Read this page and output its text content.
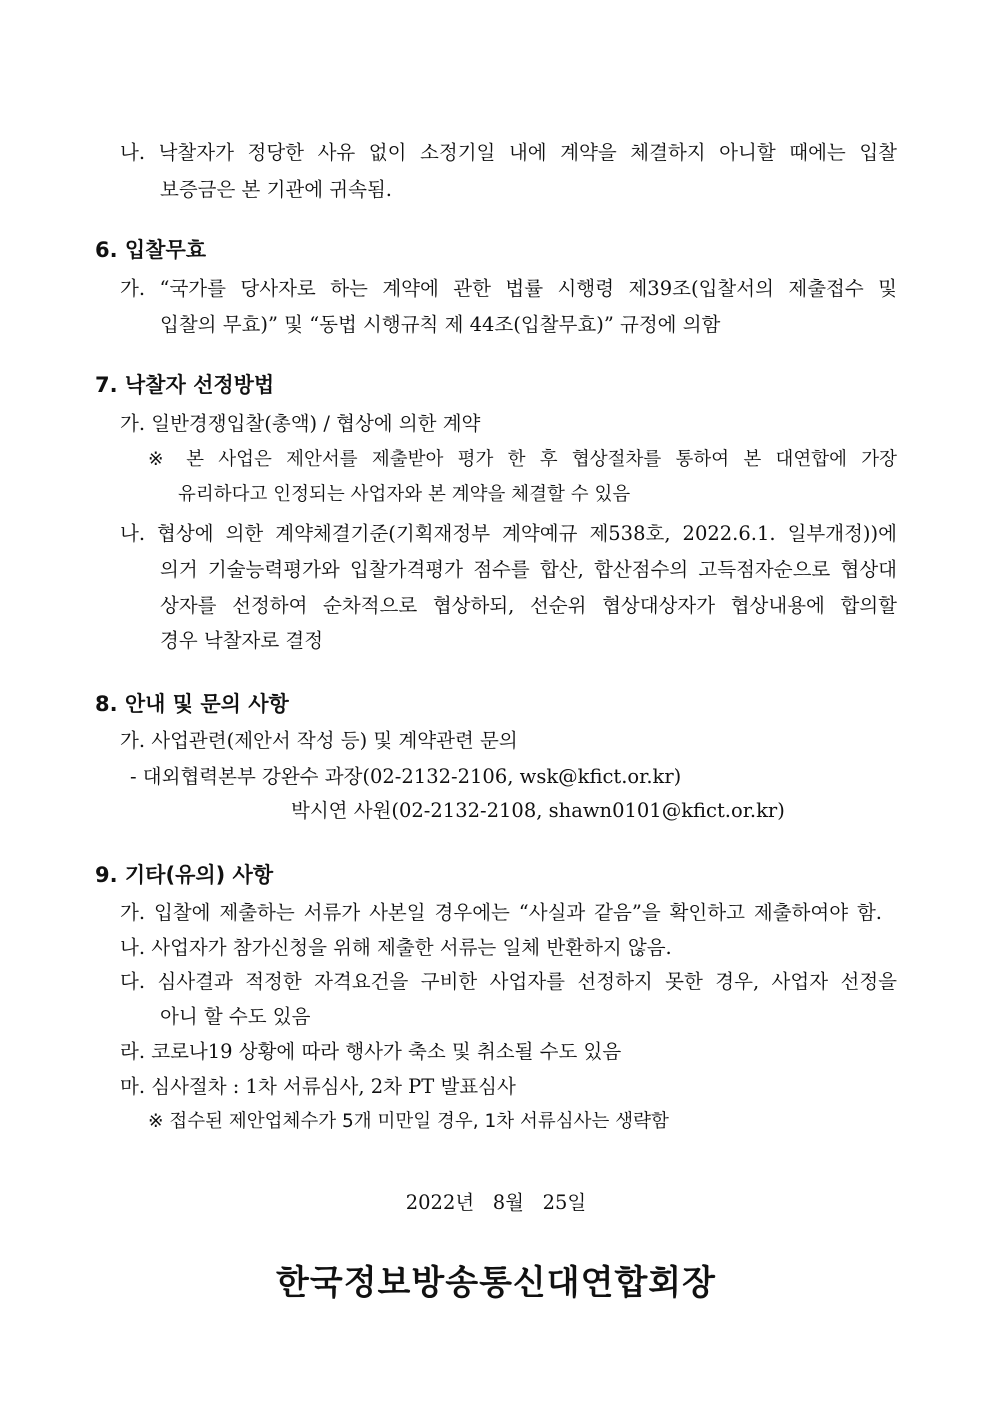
나. 낙찰자가 정당한 사유 없이 소정기일 내에 계약을 체결하지 아니할 때에는 입찰
보증금은 본 기관에 귀속됨.
6. 입찰무효
가. “국가를 당사자로 하는 계약에 관한 법률 시행령 제39조(입찰서의 제출접수 및
입찰의 무효)” 및 “동법 시행규칙 제 44조(입찰무효)” 규정에 의함
7. 낙찰자 선정방법
가. 일반경쟁입찰(총액) / 협상에 의한 계약
※ 본 사업은 제안서를 제출받아 평가 한 후 협상절차를 통하여 본 대연합에 가장
유리하다고 인정되는 사업자와 본 계약을 체결할 수 있음
나. 협상에 의한 계약체결기준(기획재정부 계약예규 제538호, 2022.6.1. 일부개정))에
의거 기술능력평가와 입찰가격평가 점수를 합산, 합산점수의 고득점자순으로 협상대
상자를 선정하여 순차적으로 협상하되, 선순위 협상대상자가 협상내용에 합의할
경우 낙찰자로 결정
8. 안내 및 문의 사항
가. 사업관련(제안서 작성 등) 및 계약관련 문의
- 대외협력본부 강완수 과장(02-2132-2106, wsk@kfict.or.kr)
박시연 사원(02-2132-2108, shawn0101@kfict.or.kr)
9. 기타(유의) 사항
가. 입찰에 제출하는 서류가 사본일 경우에는 “사실과 같음”을 확인하고 제출하여야 함.
나. 사업자가 참가신청을 위해 제출한 서류는 일체 반환하지 않음.
다. 심사결과 적정한 자격요건을 구비한 사업자를 선정하지 못한 경우, 사업자 선정을
아니 할 수도 있음
라. 코로나19 상황에 따라 행사가 축소 및 취소될 수도 있음
마. 심사절차 : 1차 서류심사, 2차 PT 발표심사
※ 접수된 제안업체수가 5개 미만일 경우, 1차 서류심사는 생략함
2022년   8월   25일
한국정보방송통신대연합회장
